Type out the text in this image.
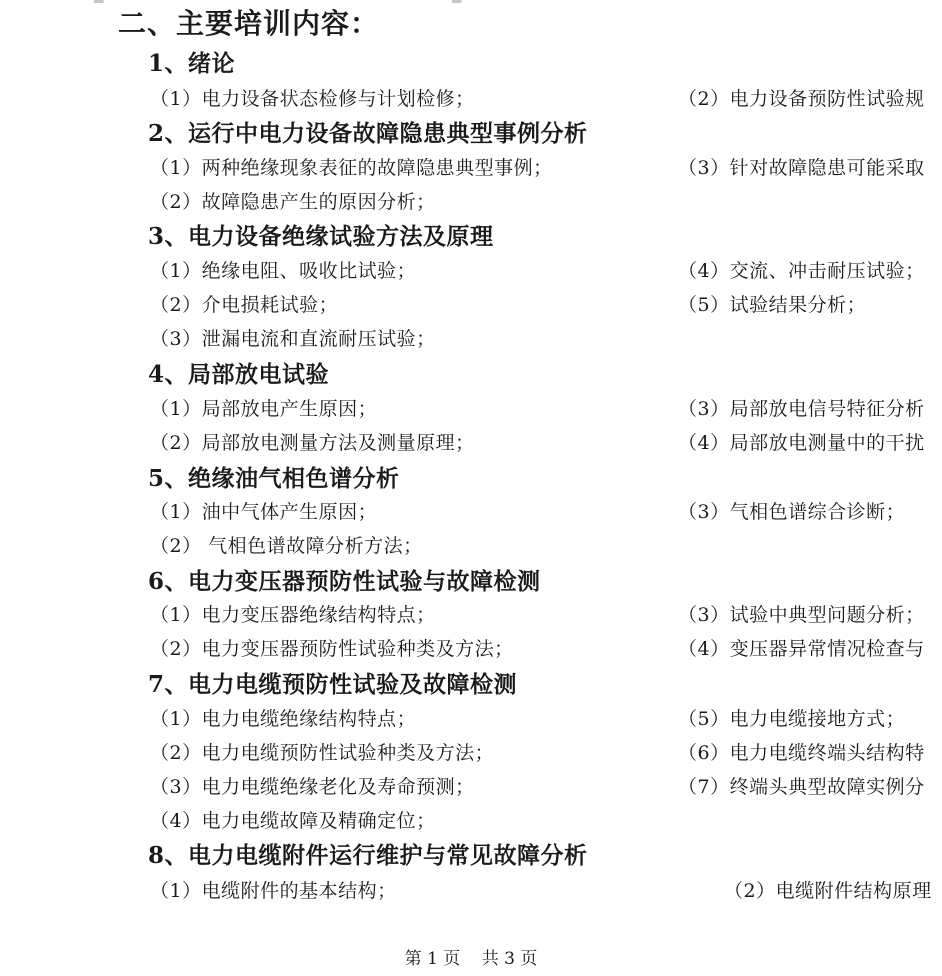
二、主要培训内容：
1、绪论
（1）电力设备状态检修与计划检修；	（2）电力设备预防性试验规
2、运行中电力设备故障隐患典型事例分析
（1）两种绝缘现象表征的故障隐患典型事例；	（3）针对故障隐患可能采取
（2）故障隐患产生的原因分析；
3、电力设备绝缘试验方法及原理
（1）绝缘电阻、吸收比试验；	（4）交流、冲击耐压试验；
（2）介电损耗试验；	（5）试验结果分析；
（3）泄漏电流和直流耐压试验；
4、局部放电试验
（1）局部放电产生原因；	（3）局部放电信号特征分析
（2）局部放电测量方法及测量原理；	（4）局部放电测量中的干扰
5、绝缘油气相色谱分析
（1）油中气体产生原因；	（3）气相色谱综合诊断；
（2） 气相色谱故障分析方法；
6、电力变压器预防性试验与故障检测
（1）电力变压器绝缘结构特点；	（3）试验中典型问题分析；
（2）电力变压器预防性试验种类及方法；	（4）变压器异常情况检查与
7、电力电缆预防性试验及故障检测
（1）电力电缆绝缘结构特点；	（5）电力电缆接地方式；
（2）电力电缆预防性试验种类及方法；	（6）电力电缆终端头结构特
（3）电力电缆绝缘老化及寿命预测；	（7）终端头典型故障实例分
（4）电力电缆故障及精确定位；
8、电力电缆附件运行维护与常见故障分析
（1）电缆附件的基本结构；	（2）电缆附件结构原理
第 1 页 共 3 页
